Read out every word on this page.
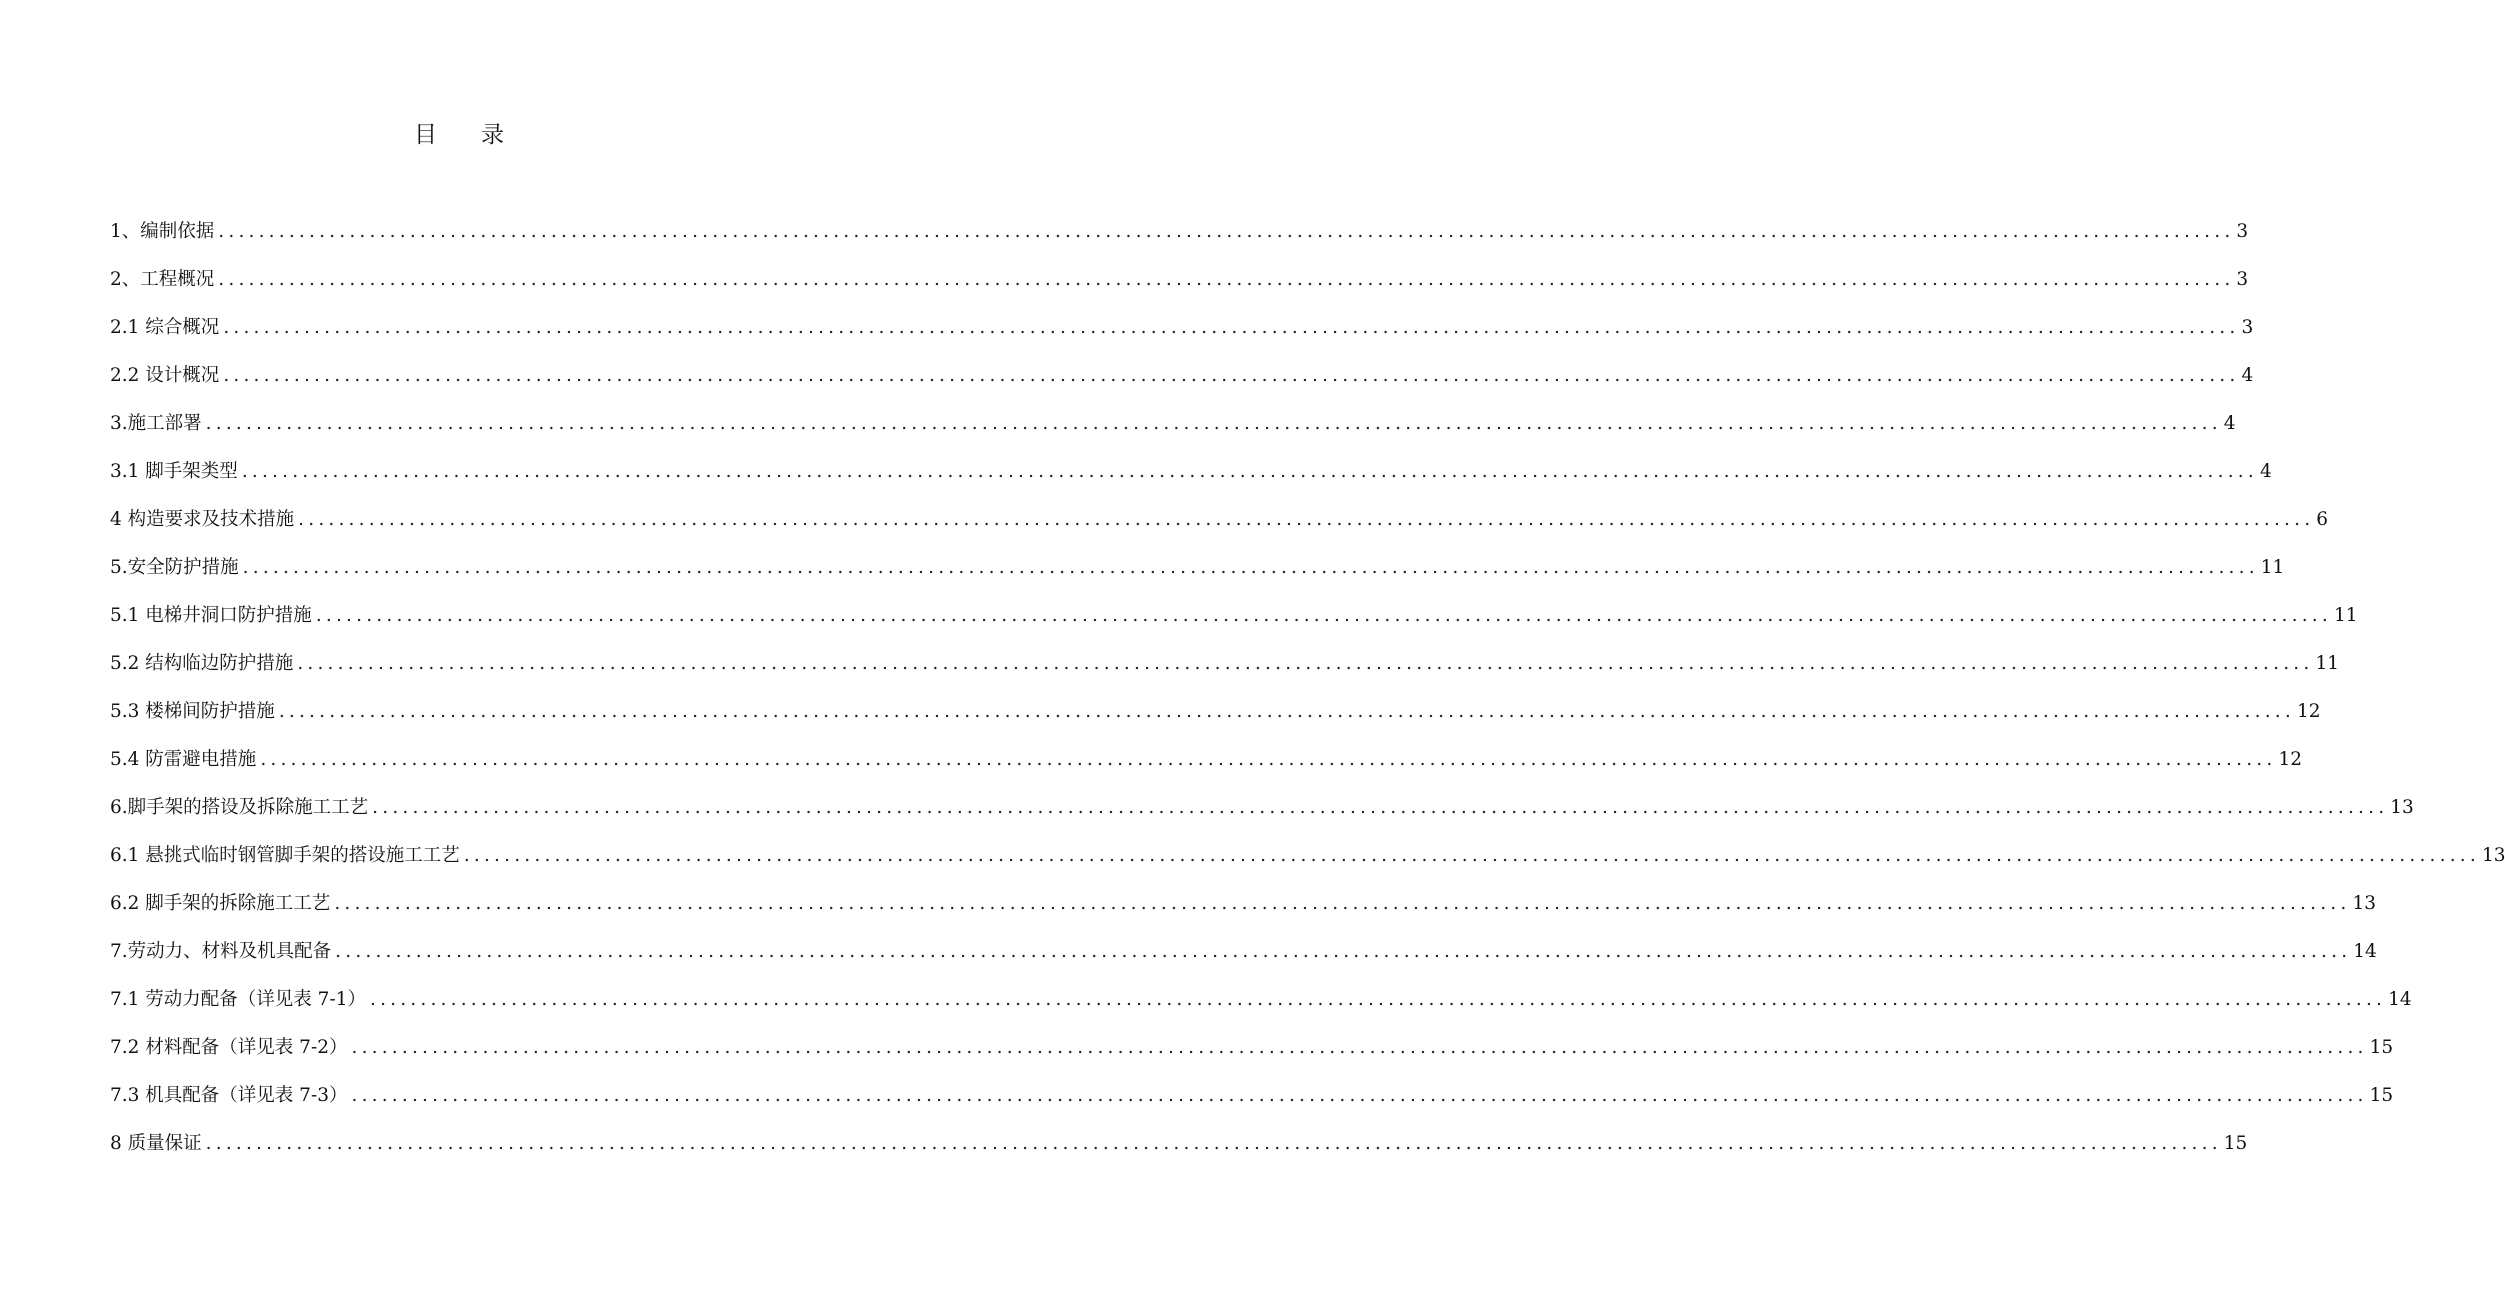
目 录
1、编制依据 ........................................................................................................................................................................................................ 3
2、工程概况 ........................................................................................................................................................................................................ 3
2.1 综合概况 ........................................................................................................................................................................................................ 3
2.2 设计概况 ........................................................................................................................................................................................................ 4
3.施工部署 ........................................................................................................................................................................................................ 4
3.1 脚手架类型 ........................................................................................................................................................................................................ 4
4 构造要求及技术措施 ........................................................................................................................................................................................................ 6
5.安全防护措施 ........................................................................................................................................................................................................ 11
5.1 电梯井洞口防护措施 ........................................................................................................................................................................................................ 11
5.2 结构临边防护措施 ........................................................................................................................................................................................................ 11
5.3 楼梯间防护措施 ........................................................................................................................................................................................................ 12
5.4 防雷避电措施 ........................................................................................................................................................................................................ 12
6.脚手架的搭设及拆除施工工艺 ........................................................................................................................................................................................................ 13
6.1 悬挑式临时钢管脚手架的搭设施工工艺 ........................................................................................................................................................................................................ 13
6.2 脚手架的拆除施工工艺 ........................................................................................................................................................................................................ 13
7.劳动力、材料及机具配备 ........................................................................................................................................................................................................ 14
7.1 劳动力配备（详见表 7-1） ........................................................................................................................................................................................................ 14
7.2 材料配备（详见表 7-2） ........................................................................................................................................................................................................ 15
7.3 机具配备（详见表 7-3） ........................................................................................................................................................................................................ 15
8 质量保证 ........................................................................................................................................................................................................ 15
